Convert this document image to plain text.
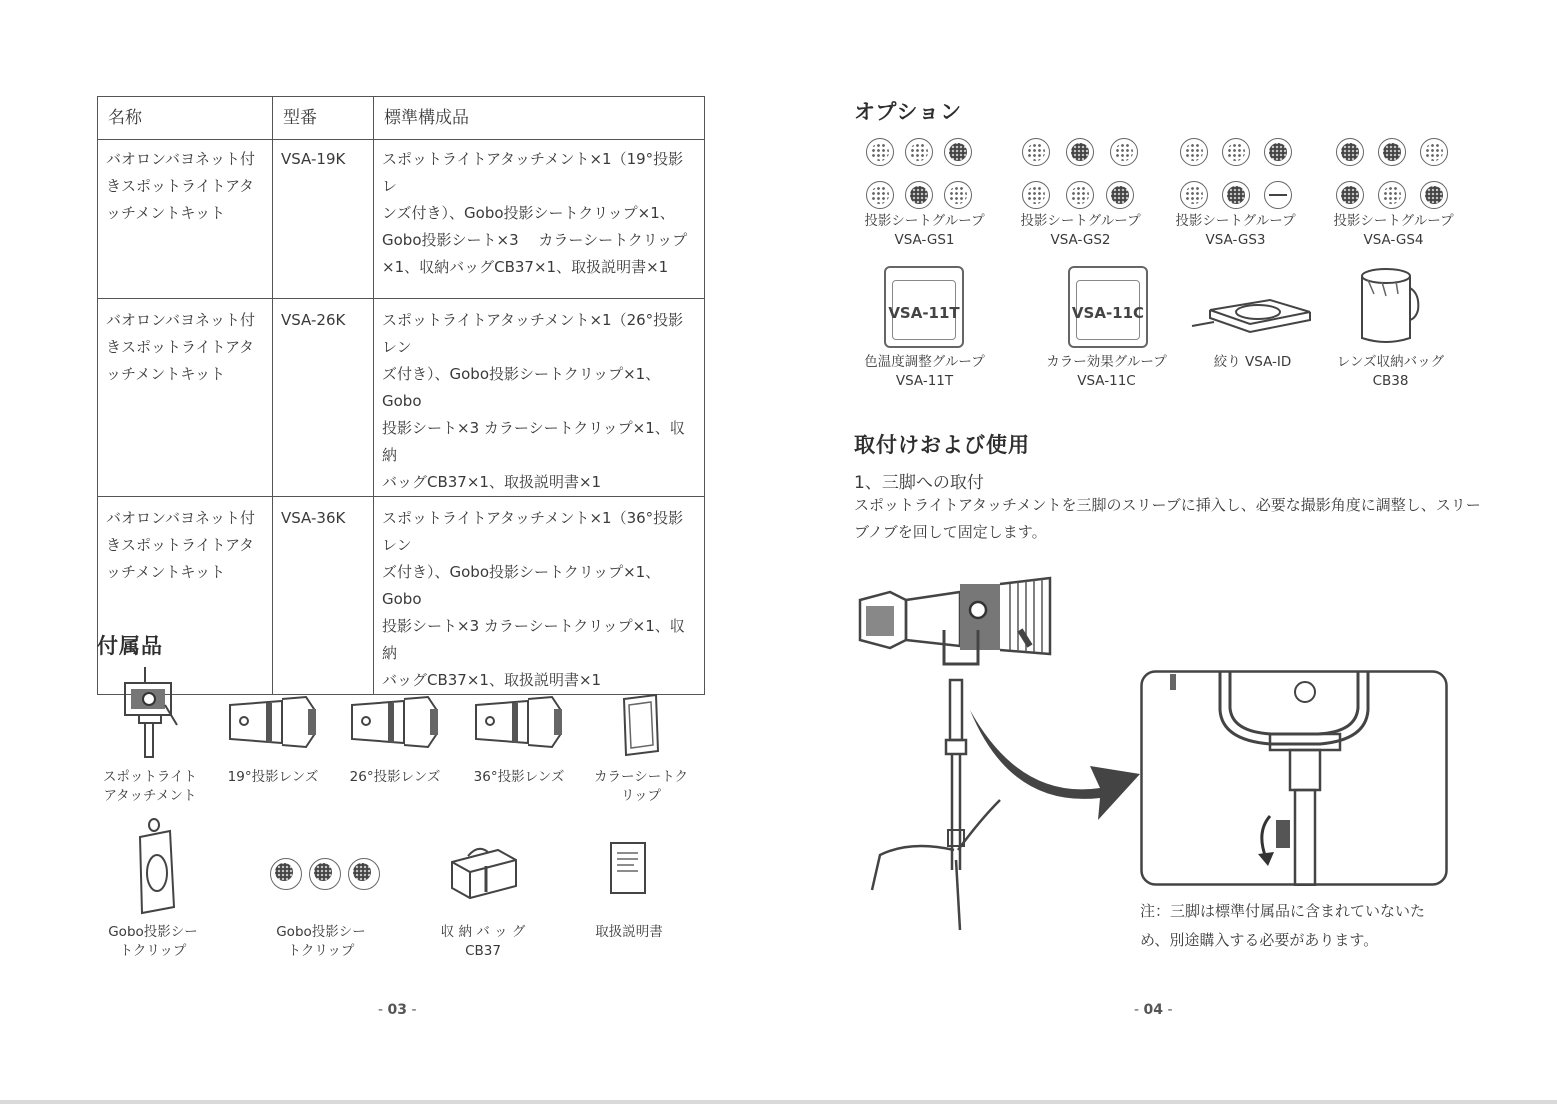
名称	型番	標準構成品

バオロンバヨネット付
きスポットライトアタ
ッチメントキット	VSA-19K	スポットライトアタッチメント×1（19°投影レ
ンズ付き）、Gobo投影シートクリップ×1、
Gobo投影シート×3　 カラーシートクリップ
×1、収納バッグCB37×1、取扱説明書×1

バオロンバヨネット付
きスポットライトアタ
ッチメントキット	VSA-26K	スポットライトアタッチメント×1（26°投影レン
ズ付き）、Gobo投影シートクリップ×1、Gobo
投影シート×3 カラーシートクリップ×1、収納
バッグCB37×1、取扱説明書×1

バオロンバヨネット付
きスポットライトアタ
ッチメントキット	VSA-36K	スポットライトアタッチメント×1（36°投影レン
ズ付き）、Gobo投影シートクリップ×1、Gobo
投影シート×3 カラーシートクリップ×1、収納
バッグCB37×1、取扱説明書×1
付属品
スポットライト
アタッチメント
19°投影レンズ	26°投影レンズ	36°投影レンズ	カラーシートク
リップ
Gobo投影シー
トクリップ
Gobo投影シー
トクリップ
収 納 バ ッ グ
CB37
取扱説明書
- 03 -
オプション
投影シートグループ
VSA-GS1
投影シートグループ
VSA-GS2
投影シートグループ
VSA-GS3
投影シートグループ
VSA-GS4
VSA-11T	VSA-11C
色温度調整グループ
VSA-11T
カラー効果グループ
VSA-11C
絞り VSA-ID	レンズ収納バッグ
CB38
取付けおよび使用
1、三脚への取付
スポットライトアタッチメントを三脚のスリーブに挿入し、必要な撮影角度に調整し、スリー
ブノブを回して固定します。
注：三脚は標準付属品に含まれていないた
め、別途購入する必要があります。
- 04 -
